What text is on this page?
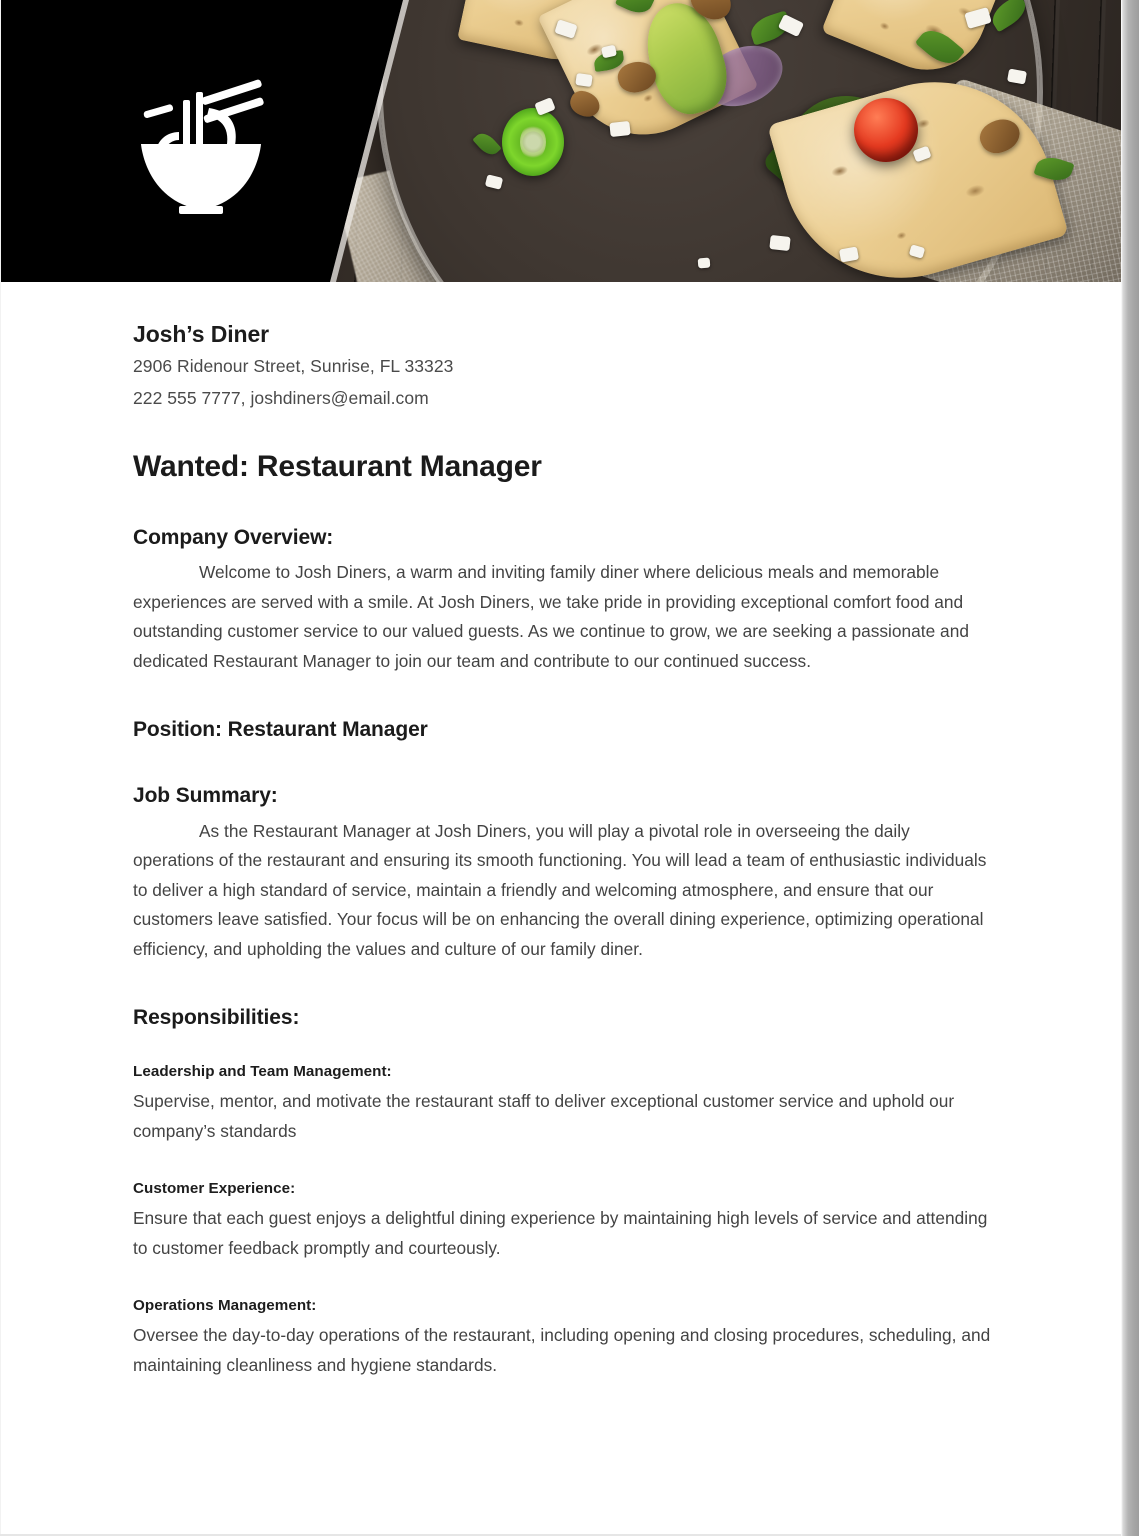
Josh’s Diner

2906 Ridenour Street, Sunrise, FL 33323

222 555 7777, joshdiners@email.com

Wanted: Restaurant Manager
Company Overview:

Welcome to Josh Diners, a warm and inviting family diner where delicious meals and memorable experiences are served with a smile. At Josh Diners, we take pride in providing exceptional comfort food and outstanding customer service to our valued guests. As we continue to grow, we are seeking a passionate and dedicated Restaurant Manager to join our team and contribute to our continued success.

Position: Restaurant Manager
Job Summary:

As the Restaurant Manager at Josh Diners, you will play a pivotal role in overseeing the daily operations of the restaurant and ensuring its smooth functioning. You will lead a team of enthusiastic individuals to deliver a high standard of service, maintain a friendly and welcoming atmosphere, and ensure that our customers leave satisfied. Your focus will be on enhancing the overall dining experience, optimizing operational efficiency, and upholding the values and culture of our family diner.

Responsibilities:
Leadership and Team Management:

Supervise, mentor, and motivate the restaurant staff to deliver exceptional customer service and uphold our company’s standards

Customer Experience:

Ensure that each guest enjoys a delightful dining experience by maintaining high levels of service and attending to customer feedback promptly and courteously.

Operations Management:

Oversee the day-to-day operations of the restaurant, including opening and closing procedures, scheduling, and maintaining cleanliness and hygiene standards.
